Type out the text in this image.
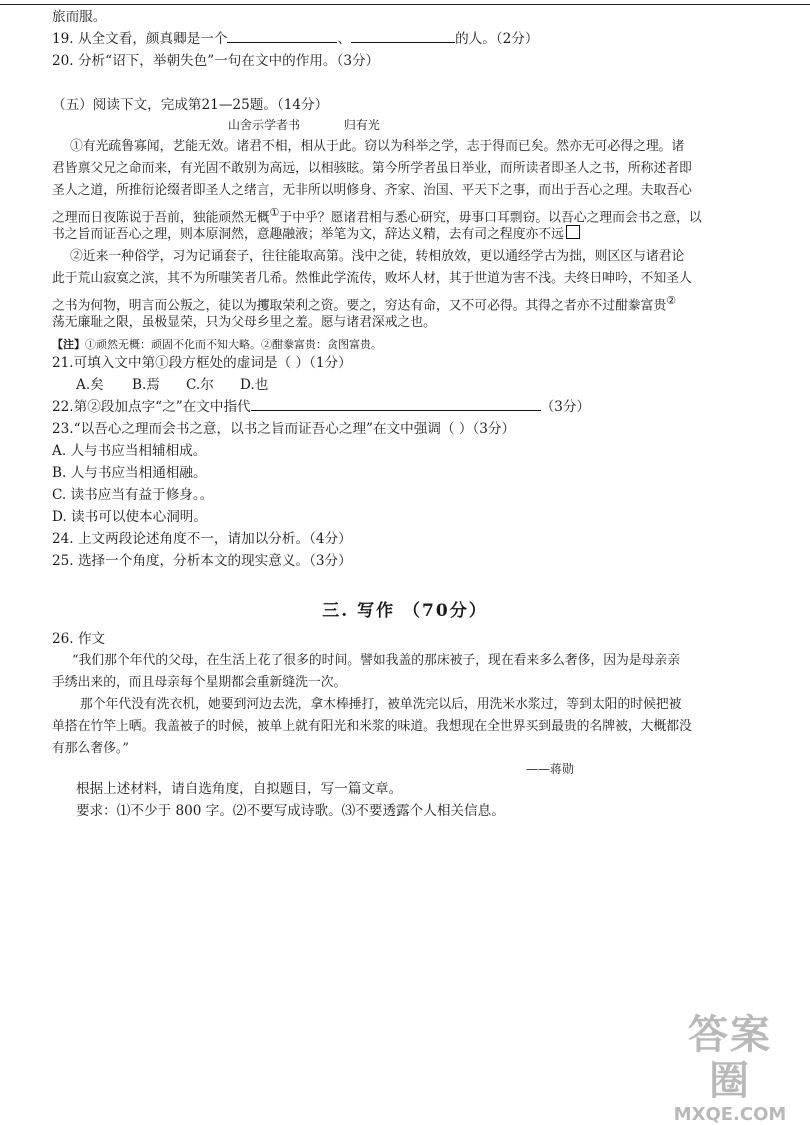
旅而服。
19. 从全文看，颜真卿是一个	、	的人。（2分）
20. 分析“诏下，举朝失色”一句在文中的作用。（3分）
（五）阅读下文，完成第21—25题。（14分）
山舍示学者书	归有光
①有光疏鲁寡闻，艺能无效。诸君不相，相从于此。窃以为科举之学，志于得而已矣。然亦无可必得之理。诸
君皆禀父兄之命而来，有光固不敢别为高远，以相骇眩。第今所学者虽日举业，而所读者即圣人之书，所称述者即
圣人之道，所推衍论缀者即圣人之绪言，无非所以明修身、齐家、治国、平天下之事，而出于吾心之理。夫取吾心
之理而日夜陈说于吾前，独能顽然无概①于中乎？愿诸君相与悉心研究，毋事口耳剽窃。以吾心之理而会书之意，以
书之旨而证吾心之理，则本原洞然，意趣融液；举笔为文，辞达义精，去有司之程度亦不远
②近来一种俗学，习为记诵套子，往往能取高第。浅中之徒，转相放效，更以通经学古为拙，则区区与诸君论
此于荒山寂寞之滨，其不为所嗤笑者几希。然惟此学流传，败坏人材，其于世道为害不浅。夫终日呻吟，不知圣人
之书为何物，明言而公叛之，徒以为攫取荣利之资。要之，穷达有命，又不可必得。其得之者亦不过酣豢富贵②
荡无廉耻之限，虽极显荣，只为父母乡里之羞。愿与诸君深戒之也。
【注】①顽然无概：顽固不化而不知大略。②酣豢富贵：贪图富贵。
21.可填入文中第①段方框处的虚词是（ ）（1分）
A.矣 B.焉 C.尔 D.也
22.第②段加点字“之”在文中指代	（3分）
23.“以吾心之理而会书之意，以书之旨而证吾心之理”在文中强调（ ）（3分）
A. 人与书应当相辅相成。
B. 人与书应当相通相融。
C. 读书应当有益于修身。。
D. 读书可以使本心洞明。
24. 上文两段论述角度不一，请加以分析。（4分）
25. 选择一个角度，分析本文的现实意义。（3分）
三. 写作 （70分）
26. 作文
“我们那个年代的父母，在生活上花了很多的时间。譬如我盖的那床被子，现在看来多么奢侈，因为是母亲亲
手绣出来的，而且母亲每个星期都会重新缝洗一次。
那个年代没有洗衣机，她要到河边去洗，拿木棒捶打，被单洗完以后，用洗米水浆过，等到太阳的时候把被
单搭在竹竿上晒。我盖被子的时候，被单上就有阳光和米浆的味道。我想现在全世界买到最贵的名牌被，大概都没
有那么奢侈。”
——蒋勋
根据上述材料，请自选角度，自拟题目，写一篇文章。
要求：⑴不少于 800 字。⑵不要写成诗歌。⑶不要透露个人相关信息。
答案圈
MXQE.COM
